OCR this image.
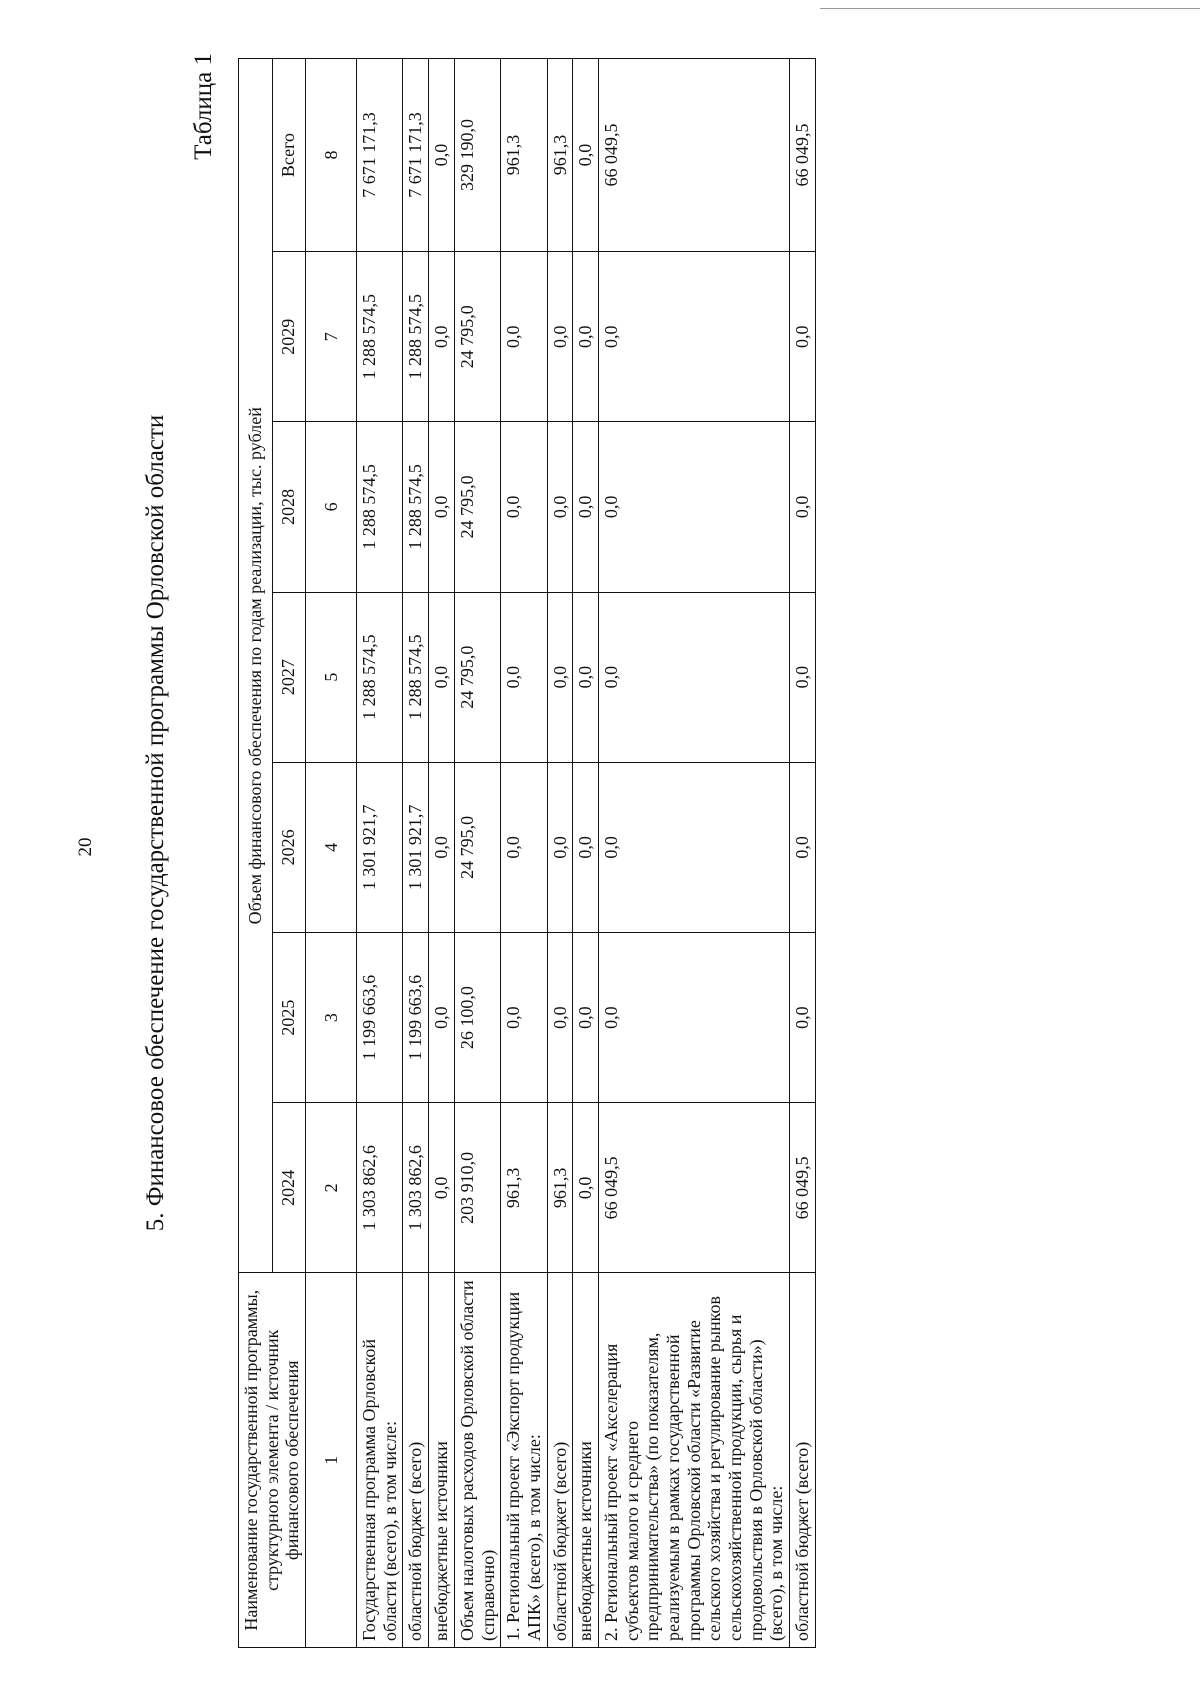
20 5. Финансовое обеспечение государственной программы Орловской области
Таблица 1
Наименование государственной программы, структурного элемента / источник финансового обеспечения	Объем финансового обеспечения по годам реализации, тыс. рублей						
	2024	2025	2026	2027	2028	2029	Всего
1	2	3	4	5	6	7	8
Государственная программа Орловской области (всего), в том числе:	1 303 862,6	1 199 663,6	1 301 921,7	1 288 574,5	1 288 574,5	1 288 574,5	7 671 171,3
областной бюджет (всего)	1 303 862,6	1 199 663,6	1 301 921,7	1 288 574,5	1 288 574,5	1 288 574,5	7 671 171,3
внебюджетные источники	0,0	0,0	0,0	0,0	0,0	0,0	0,0
Объем налоговых расходов Орловской области (справочно)	203 910,0	26 100,0	24 795,0	24 795,0	24 795,0	24 795,0	329 190,0
1. Региональный проект «Экспорт продукции АПК» (всего), в том числе:	961,3	0,0	0,0	0,0	0,0	0,0	961,3
областной бюджет (всего)	961,3	0,0	0,0	0,0	0,0	0,0	961,3
внебюджетные источники	0,0	0,0	0,0	0,0	0,0	0,0	0,0
2. Региональный проект «Акселерация субъектов малого и среднего предпринимательства» (по показателям, реализуемым в рамках государственной программы Орловской области «Развитие сельского хозяйства и регулирование рынков сельскохозяйственной продукции, сырья и продовольствия в Орловской области») (всего), в том числе:	66 049,5	0,0	0,0	0,0	0,0	0,0	66 049,5
областной бюджет (всего)	66 049,5	0,0	0,0	0,0	0,0	0,0	66 049,5
